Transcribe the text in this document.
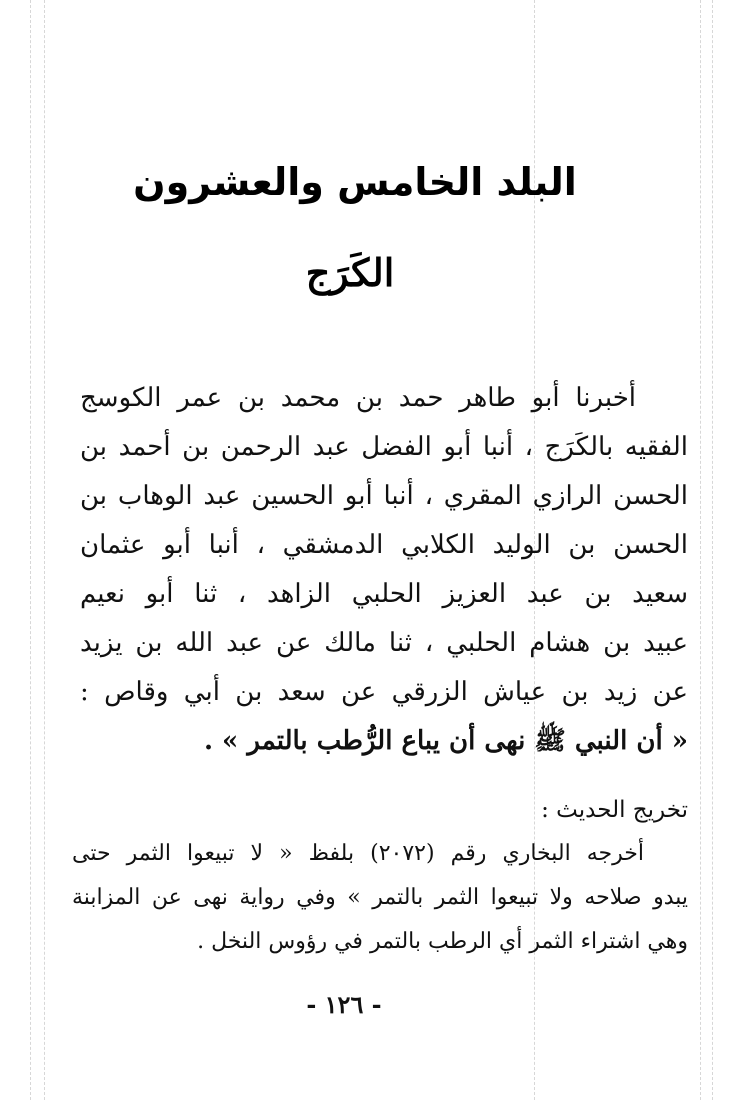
البلد الخامس والعشرون
الكَرَج
أخبرنا أبو طاهر حمد بن محمد بن عمر الكوسج
الفقيه بالكَرَج ، أنبا أبو الفضل عبد الرحمن بن أحمد بن
الحسن الرازي المقري ، أنبا أبو الحسين عبد الوهاب بن
الحسن بن الوليد الكلابي الدمشقي ، أنبا أبو عثمان
سعيد بن عبد العزيز الحلبي الزاهد ، ثنا أبو نعيم
عبيد بن هشام الحلبي ، ثنا مالك عن عبد الله بن يزيد
عن زيد بن عياش الزرقي عن سعد بن أبي وقاص :
« أن النبي ﷺ نهى أن يباع الرُّطب بالتمر » .
تخريج الحديث :
أخرجه البخاري رقم (٢٠٧٢) بلفظ « لا تبيعوا الثمر حتى
يبدو صلاحه ولا تبيعوا الثمر بالتمر » وفي رواية نهى عن المزابنة
وهي اشتراء الثمر أي الرطب بالتمر في رؤوس النخل .
- ١٢٦ -
